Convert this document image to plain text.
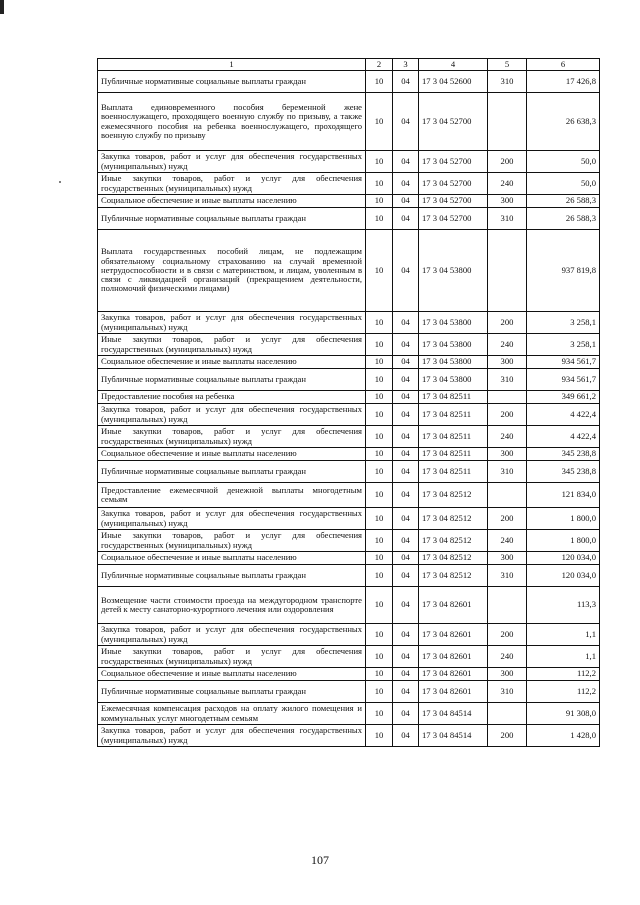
1	2	3	4	5	6
Публичные нормативные социальные выплаты граждан	10	04	17 3 04 52600	310	17 426,8
Выплата единовременного пособия беременной жене военнослужащего, проходящего военную службу по призыву, а также ежемесячного пособия на ребенка военнослужащего, проходящего военную службу по призыву	10	04	17 3 04 52700		26 638,3
Закупка товаров, работ и услуг для обеспечения государственных (муниципальных) нужд	10	04	17 3 04 52700	200	50,0
Иные закупки товаров, работ и услуг для обеспечения государственных (муниципальных) нужд	10	04	17 3 04 52700	240	50,0
Социальное обеспечение и иные выплаты населению	10	04	17 3 04 52700	300	26 588,3
Публичные нормативные социальные выплаты граждан	10	04	17 3 04 52700	310	26 588,3
Выплата государственных пособий лицам, не подлежащим обязательному социальному страхованию на случай временной нетрудоспособности и в связи с материнством, и лицам, уволенным в связи с ликвидацией организаций (прекращением деятельности, полномочий физическими лицами)	10	04	17 3 04 53800		937 819,8
Закупка товаров, работ и услуг для обеспечения государственных (муниципальных) нужд	10	04	17 3 04 53800	200	3 258,1
Иные закупки товаров, работ и услуг для обеспечения государственных (муниципальных) нужд	10	04	17 3 04 53800	240	3 258,1
Социальное обеспечение и иные выплаты населению	10	04	17 3 04 53800	300	934 561,7
Публичные нормативные социальные выплаты граждан	10	04	17 3 04 53800	310	934 561,7
Предоставление пособия на ребенка	10	04	17 3 04 82511		349 661,2
Закупка товаров, работ и услуг для обеспечения государственных (муниципальных) нужд	10	04	17 3 04 82511	200	4 422,4
Иные закупки товаров, работ и услуг для обеспечения государственных (муниципальных) нужд	10	04	17 3 04 82511	240	4 422,4
Социальное обеспечение и иные выплаты населению	10	04	17 3 04 82511	300	345 238,8
Публичные нормативные социальные выплаты граждан	10	04	17 3 04 82511	310	345 238,8
Предоставление ежемесячной денежной выплаты многодетным семьям	10	04	17 3 04 82512		121 834,0
Закупка товаров, работ и услуг для обеспечения государственных (муниципальных) нужд	10	04	17 3 04 82512	200	1 800,0
Иные закупки товаров, работ и услуг для обеспечения государственных (муниципальных) нужд	10	04	17 3 04 82512	240	1 800,0
Социальное обеспечение и иные выплаты населению	10	04	17 3 04 82512	300	120 034,0
Публичные нормативные социальные выплаты граждан	10	04	17 3 04 82512	310	120 034,0
Возмещение части стоимости проезда на междугородном транспорте детей к месту санаторно-курортного лечения или оздоровления	10	04	17 3 04 82601		113,3
Закупка товаров, работ и услуг для обеспечения государственных (муниципальных) нужд	10	04	17 3 04 82601	200	1,1
Иные закупки товаров, работ и услуг для обеспечения государственных (муниципальных) нужд	10	04	17 3 04 82601	240	1,1
Социальное обеспечение и иные выплаты населению	10	04	17 3 04 82601	300	112,2
Публичные нормативные социальные выплаты граждан	10	04	17 3 04 82601	310	112,2
Ежемесячная компенсация расходов на оплату жилого помещения и коммунальных услуг многодетным семьям	10	04	17 3 04 84514		91 308,0
Закупка товаров, работ и услуг для обеспечения государственных (муниципальных) нужд	10	04	17 3 04 84514	200	1 428,0
107
